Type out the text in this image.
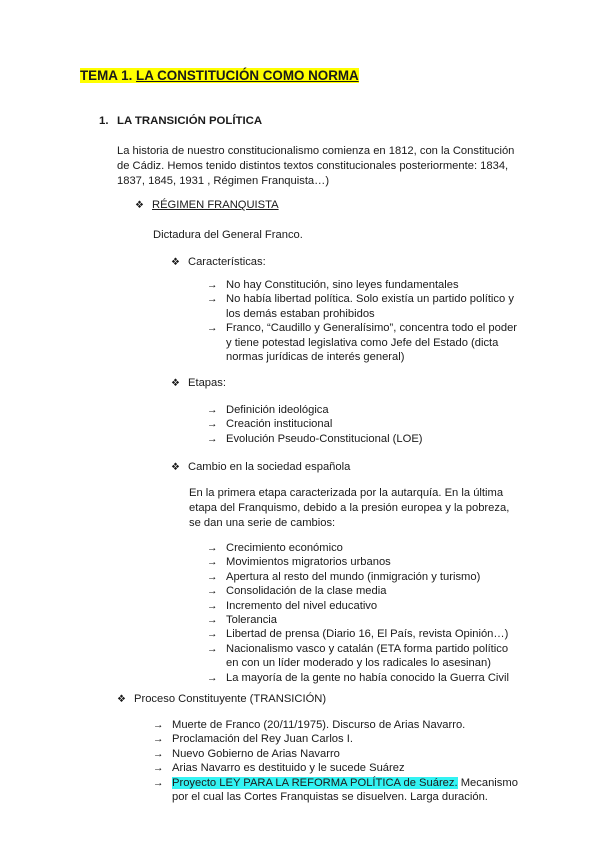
TEMA 1. LA CONSTITUCIÓN COMO NORMA
1. LA TRANSICIÓN POLÍTICA
La historia de nuestro constitucionalismo comienza en 1812, con la Constitución
de Cádiz. Hemos tenido distintos textos constitucionales posteriormente: 1834,
1837, 1845, 1931 , Régimen Franquista…)
❖ RÉGIMEN FRANQUISTA
Dictadura del General Franco.
❖ Características:
→ No hay Constitución, sino leyes fundamentales
→ No había libertad política. Solo existía un partido político y
los demás estaban prohibidos
→ Franco, “Caudillo y Generalísimo”, concentra todo el poder
y tiene potestad legislativa como Jefe del Estado (dicta
normas jurídicas de interés general)
❖ Etapas:
→ Definición ideológica
→ Creación institucional
→ Evolución Pseudo-Constitucional (LOE)
❖ Cambio en la sociedad española
En la primera etapa caracterizada por la autarquía. En la última
etapa del Franquismo, debido a la presión europea y la pobreza,
se dan una serie de cambios:
→ Crecimiento económico
→ Movimientos migratorios urbanos
→ Apertura al resto del mundo (inmigración y turismo)
→ Consolidación de la clase media
→ Incremento del nivel educativo
→ Tolerancia
→ Libertad de prensa (Diario 16, El País, revista Opinión…)
→ Nacionalismo vasco y catalán (ETA forma partido político
en con un líder moderado y los radicales lo asesinan)
→ La mayoría de la gente no había conocido la Guerra Civil
❖ Proceso Constituyente (TRANSICIÓN)
→ Muerte de Franco (20/11/1975). Discurso de Arias Navarro.
→ Proclamación del Rey Juan Carlos I.
→ Nuevo Gobierno de Arias Navarro
→ Arias Navarro es destituido y le sucede Suárez
→ Proyecto LEY PARA LA REFORMA POLÍTICA de Suárez. Mecanismo
por el cual las Cortes Franquistas se disuelven. Larga duración.
